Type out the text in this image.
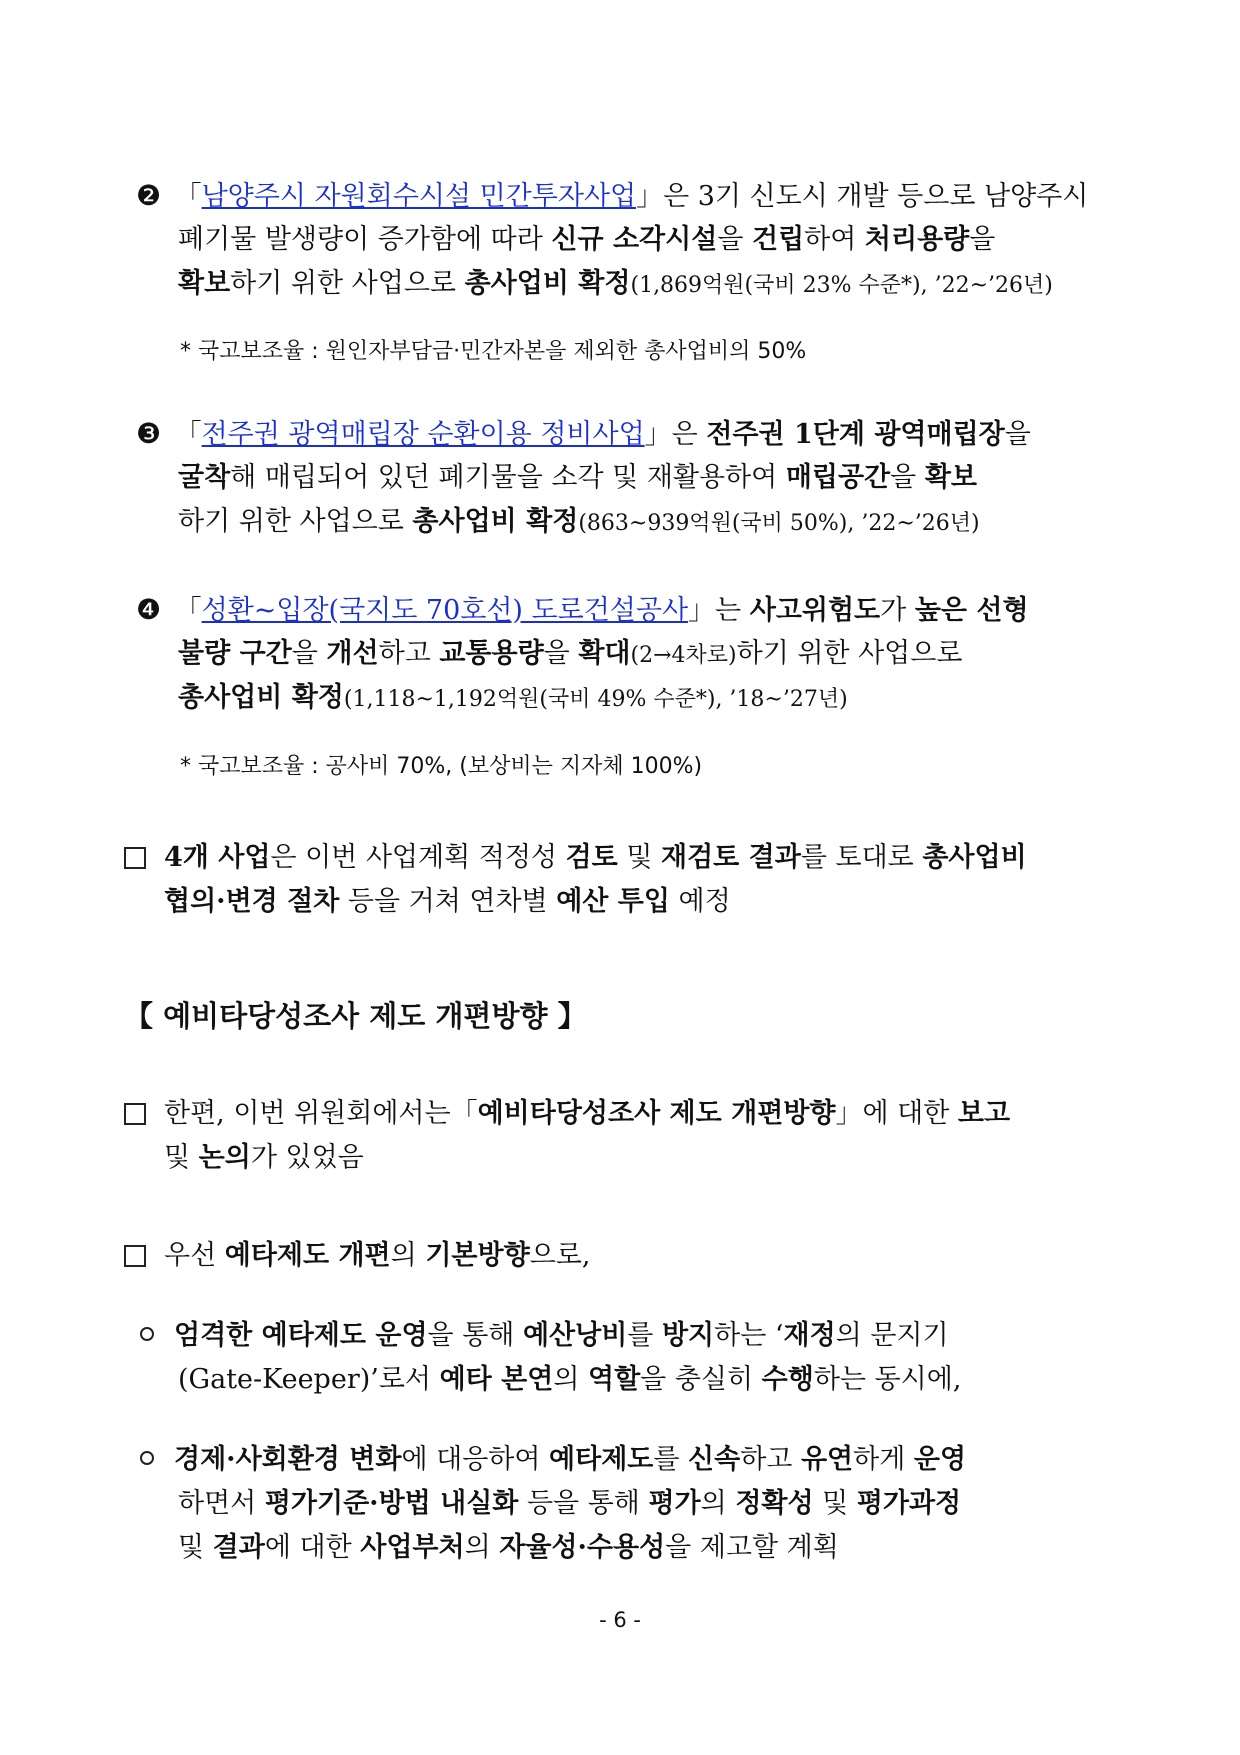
❷ 「남양주시 자원회수시설 민간투자사업」은 3기 신도시 개발 등으로 남양주시
폐기물 발생량이 증가함에 따라 신규 소각시설을 건립하여 처리용량을
확보하기 위한 사업으로 총사업비 확정(1,869억원(국비 23% 수준*), ’22~’26년)
* 국고보조율 : 원인자부담금·민간자본을 제외한 총사업비의 50%
❸ 「전주권 광역매립장 순환이용 정비사업」은 전주권 1단계 광역매립장을
굴착해 매립되어 있던 폐기물을 소각 및 재활용하여 매립공간을 확보
하기 위한 사업으로 총사업비 확정(863~939억원(국비 50%), ’22~’26년)
❹ 「성환~입장(국지도 70호선) 도로건설공사」는 사고위험도가 높은 선형
불량 구간을 개선하고 교통용량을 확대(2→4차로)하기 위한 사업으로
총사업비 확정(1,118~1,192억원(국비 49% 수준*), ’18~’27년)
* 국고보조율 : 공사비 70%, (보상비는 지자체 100%)
4개 사업은 이번 사업계획 적정성 검토 및 재검토 결과를 토대로 총사업비
협의·변경 절차 등을 거쳐 연차별 예산 투입 예정
【 예비타당성조사 제도 개편방향 】
한편, 이번 위원회에서는「예비타당성조사 제도 개편방향」에 대한 보고
및 논의가 있었음
우선 예타제도 개편의 기본방향으로,
엄격한 예타제도 운영을 통해 예산낭비를 방지하는 ‘재정의 문지기
(Gate-Keeper)’로서 예타 본연의 역할을 충실히 수행하는 동시에,
경제·사회환경 변화에 대응하여 예타제도를 신속하고 유연하게 운영
하면서 평가기준·방법 내실화 등을 통해 평가의 정확성 및 평가과정
및 결과에 대한 사업부처의 자율성·수용성을 제고할 계획
- 6 -
